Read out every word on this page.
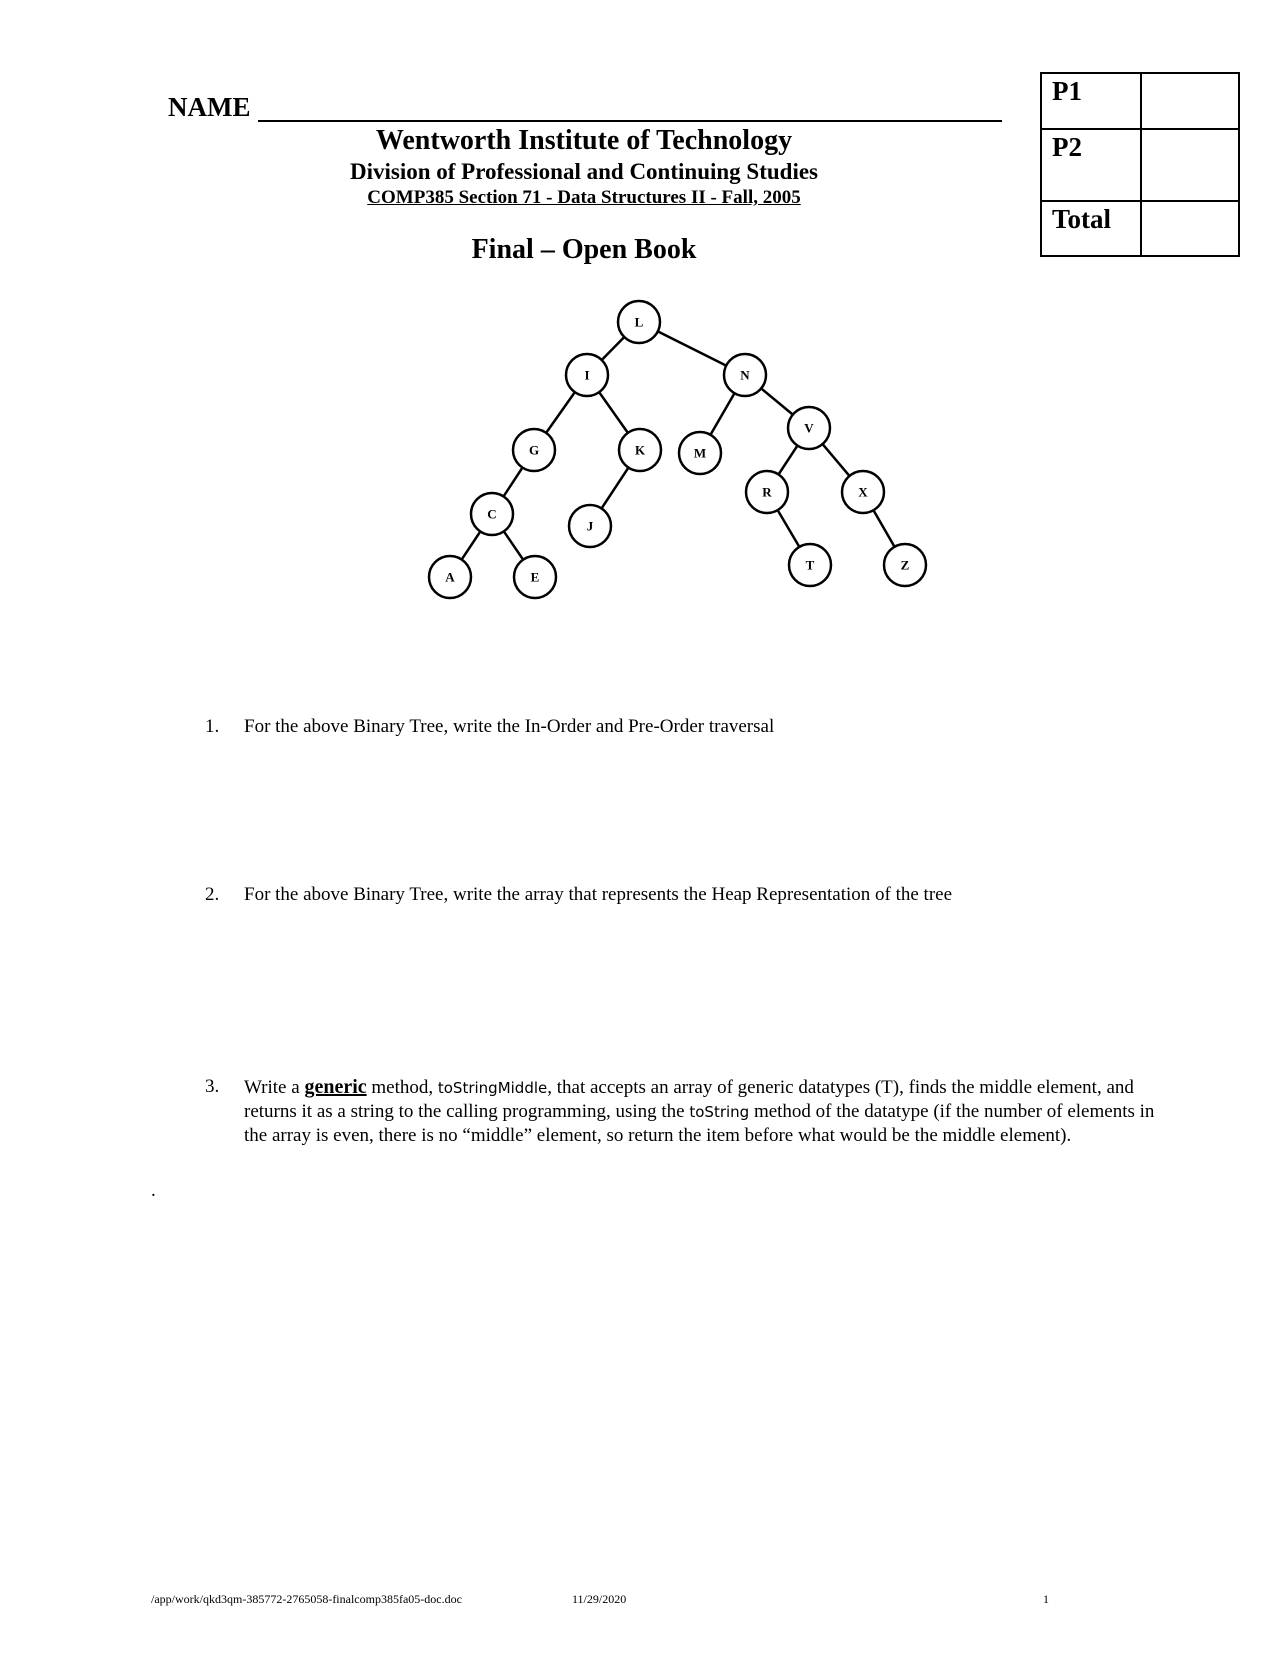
NAME
Wentworth Institute of Technology
Division of Professional and Continuing Studies
COMP385 Section 71 - Data Structures II - Fall, 2005
Final – Open Book
P1	
P2	
Total	
L
I	N
G	K	M
V
C
J
R	X
A	E
T	Z
1. For the above Binary Tree, write the In-Order and Pre-Order traversal
2. For the above Binary Tree, write the array that represents the Heap Representation of the tree
3. Write a generic method, toStringMiddle, that accepts an array of generic datatypes (T), finds the middle element, and returns it as a string to the calling programming, using the toString method of the datatype (if the number of elements in the array is even, there is no “middle” element, so return the item before what would be the middle element).
.
/app/work/qkd3qm-385772-2765058-finalcomp385fa05-doc.doc	11/29/2020	1
